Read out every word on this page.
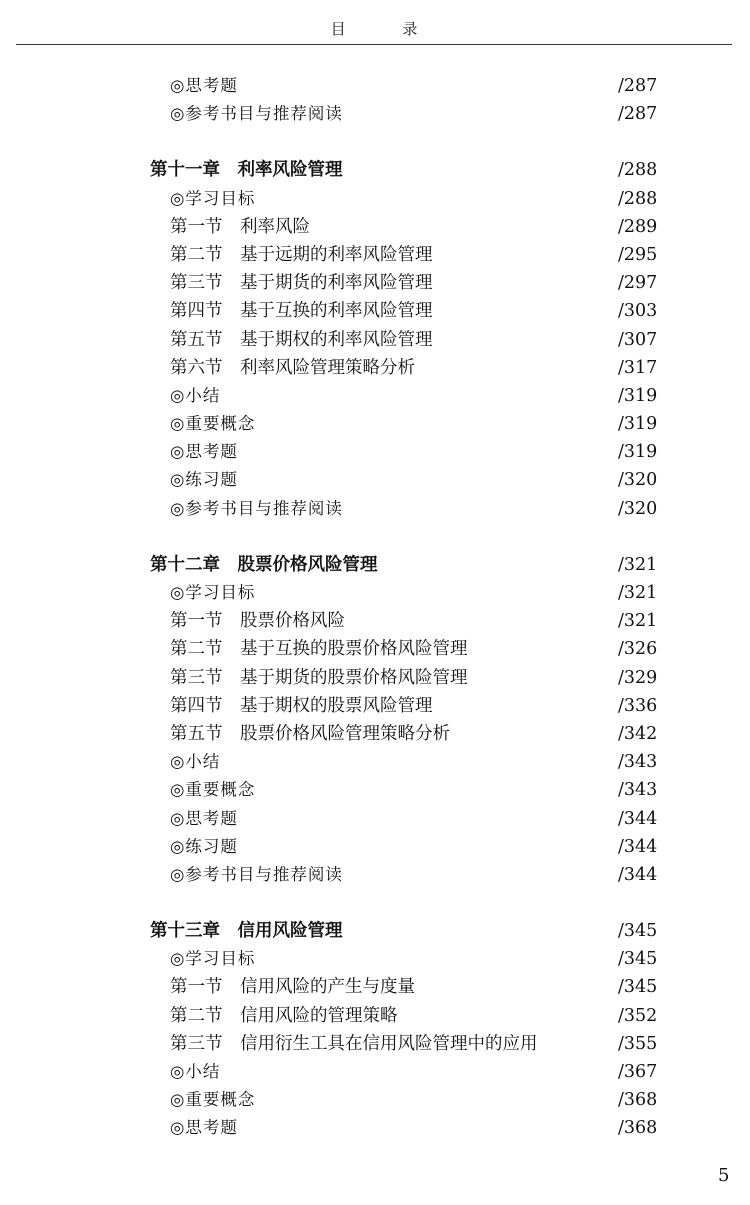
目 录
◎思考题	/287
◎参考书目与推荐阅读	/287
第十一章　利率风险管理	/288
◎学习目标	/288
第一节　利率风险	/289
第二节　基于远期的利率风险管理	/295
第三节　基于期货的利率风险管理	/297
第四节　基于互换的利率风险管理	/303
第五节　基于期权的利率风险管理	/307
第六节　利率风险管理策略分析	/317
◎小结	/319
◎重要概念	/319
◎思考题	/319
◎练习题	/320
◎参考书目与推荐阅读	/320
第十二章　股票价格风险管理	/321
◎学习目标	/321
第一节　股票价格风险	/321
第二节　基于互换的股票价格风险管理	/326
第三节　基于期货的股票价格风险管理	/329
第四节　基于期权的股票风险管理	/336
第五节　股票价格风险管理策略分析	/342
◎小结	/343
◎重要概念	/343
◎思考题	/344
◎练习题	/344
◎参考书目与推荐阅读	/344
第十三章　信用风险管理	/345
◎学习目标	/345
第一节　信用风险的产生与度量	/345
第二节　信用风险的管理策略	/352
第三节　信用衍生工具在信用风险管理中的应用	/355
◎小结	/367
◎重要概念	/368
◎思考题	/368
5
